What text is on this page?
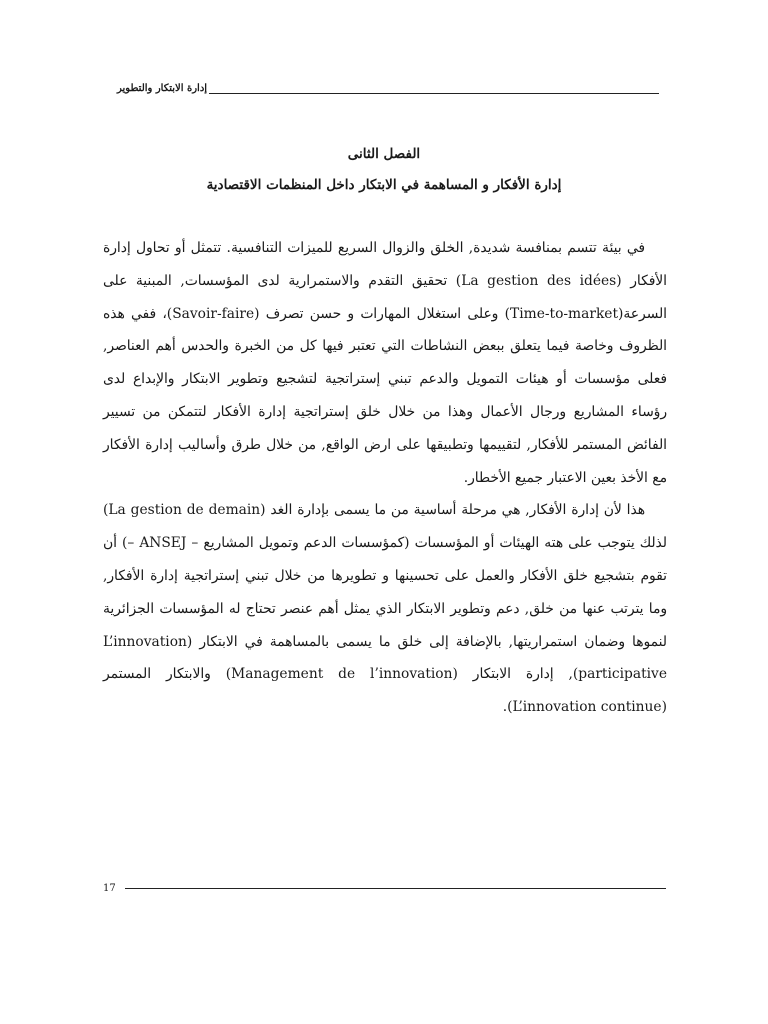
إدارة الابتكار والتطوير
الفصل الثانى
إدارة الأفكار و المساهمة في الابتكار داخل المنظمات الاقتصادية

في بيئة تتسم بمنافسة شديدة, الخلق والزوال السريع للميزات التنافسية. تتمثل أو تحاول إدارة الأفكار (La gestion des idées) تحقيق التقدم والاستمرارية لدى المؤسسات, المبنية على السرعة(Time-to-market) وعلى استغلال المهارات و حسن تصرف (Savoir-faire)، ففي هذه الظروف وخاصة فيما يتعلق ببعض النشاطات التي تعتبر فيها كل من الخبرة والحدس أهم العناصر, فعلى مؤسسات أو هيئات التمويل والدعم تبني إستراتجية لتشجيع وتطوير الابتكار والإبداع لدى رؤساء المشاريع ورجال الأعمال وهذا من خلال خلق إستراتجية إدارة الأفكار لتتمكن من تسيير الفائض المستمر للأفكار, لتقييمها وتطبيقها على ارض الواقع, من خلال طرق وأساليب إدارة الأفكار مع الأخذ بعين الاعتبار جميع الأخطار.

هذا لأن إدارة الأفكار, هي مرحلة أساسية من ما يسمى بإدارة الغد (La gestion de demain) لذلك يتوجب على هته الهيئات أو المؤسسات (كمؤسسات الدعم وتمويل المشاريع – ANSEJ –) أن تقوم بتشجيع خلق الأفكار والعمل على تحسينها و تطويرها من خلال تبني إستراتجية إدارة الأفكار, وما يترتب عنها من خلق, دعم وتطوير الابتكار الذي يمثل أهم عنصر تحتاج له المؤسسات الجزائرية لنموها وضمان استمراريتها, بالإضافة إلى خلق ما يسمى بالمساهمة في الابتكار (L’innovation participative), إدارة الابتكار (Management de l’innovation) والابتكار المستمر (L’innovation continue).

17
